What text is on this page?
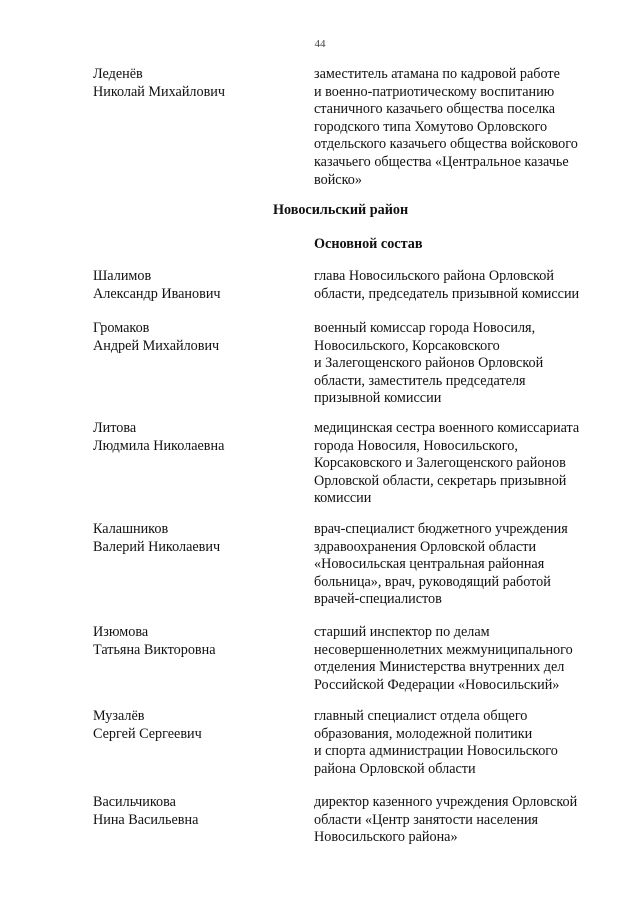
44
Леденёв
Николай Михайлович
заместитель атамана по кадровой работе
и военно-патриотическому воспитанию
станичного казачьего общества поселка
городского типа Хомутово Орловского
отдельского казачьего общества войскового
казачьего общества «Центральное казачье
войско»
Новосильский район
Основной состав
Шалимов
Александр Иванович
глава Новосильского района Орловской
области, председатель призывной комиссии
Громаков
Андрей Михайлович
военный комиссар города Новосиля,
Новосильского, Корсаковского
и Залегощенского районов Орловской
области, заместитель председателя
призывной комиссии
Литова
Людмила Николаевна
медицинская сестра военного комиссариата
города Новосиля, Новосильского,
Корсаковского и Залегощенского районов
Орловской области, секретарь призывной
комиссии
Калашников
Валерий Николаевич
врач-специалист бюджетного учреждения
здравоохранения Орловской области
«Новосильская центральная районная
больница», врач, руководящий работой
врачей-специалистов
Изюмова
Татьяна Викторовна
старший инспектор по делам
несовершеннолетних межмуниципального
отделения Министерства внутренних дел
Российской Федерации «Новосильский»
Музалёв
Сергей Сергеевич
главный специалист отдела общего
образования, молодежной политики
и спорта администрации Новосильского
района Орловской области
Васильчикова
Нина Васильевна
директор казенного учреждения Орловской
области «Центр занятости населения
Новосильского района»
